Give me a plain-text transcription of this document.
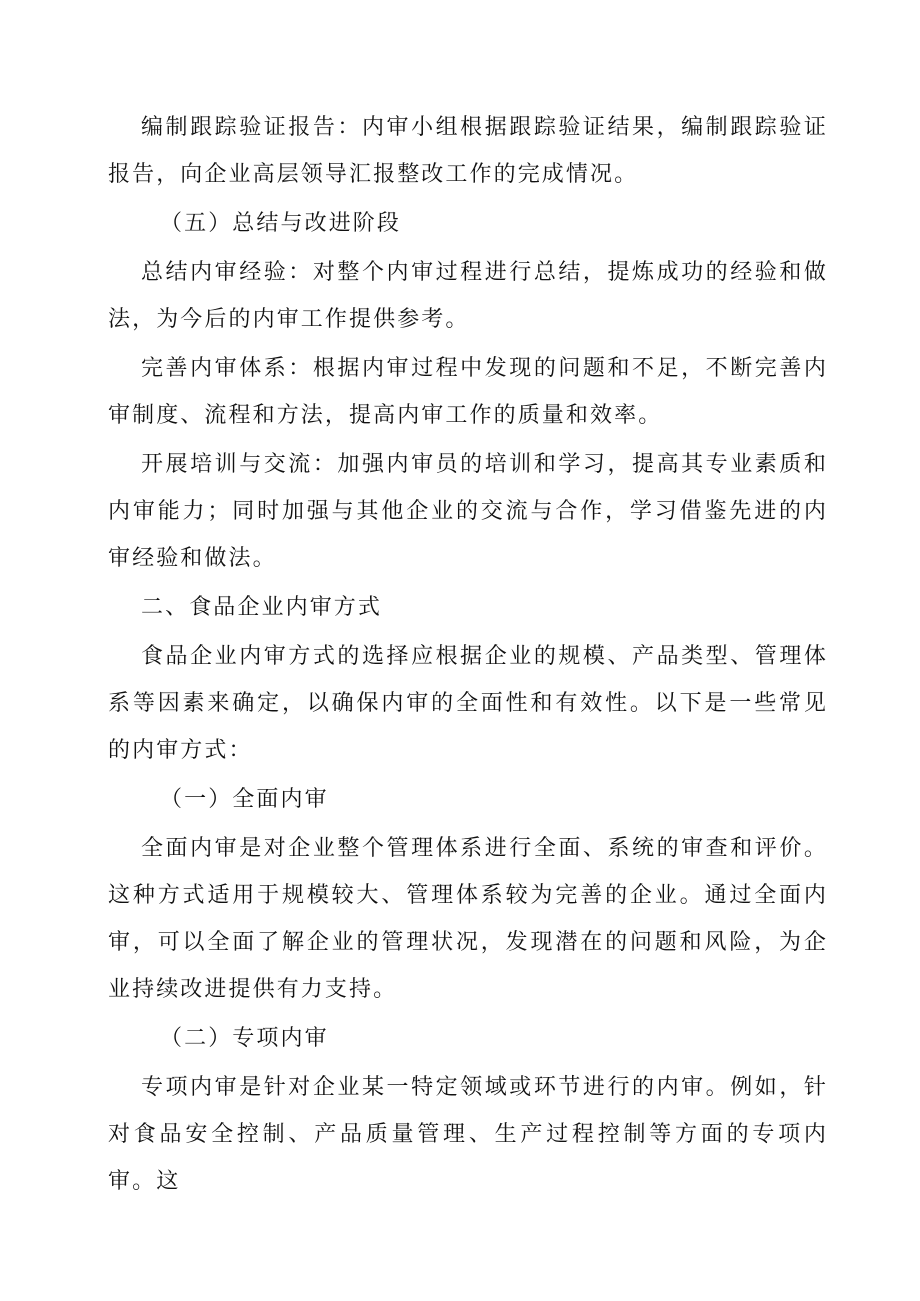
编制跟踪验证报告：内审小组根据跟踪验证结果，编制跟踪验证报告，向企业高层领导汇报整改工作的完成情况。

（五）总结与改进阶段

总结内审经验：对整个内审过程进行总结，提炼成功的经验和做法，为今后的内审工作提供参考。

完善内审体系：根据内审过程中发现的问题和不足，不断完善内审制度、流程和方法，提高内审工作的质量和效率。

开展培训与交流：加强内审员的培训和学习，提高其专业素质和内审能力；同时加强与其他企业的交流与合作，学习借鉴先进的内审经验和做法。

二、食品企业内审方式

食品企业内审方式的选择应根据企业的规模、产品类型、管理体系等因素来确定，以确保内审的全面性和有效性。以下是一些常见的内审方式：

（一）全面内审

全面内审是对企业整个管理体系进行全面、系统的审查和评价。这种方式适用于规模较大、管理体系较为完善的企业。通过全面内审，可以全面了解企业的管理状况，发现潜在的问题和风险，为企业持续改进提供有力支持。

（二）专项内审

专项内审是针对企业某一特定领域或环节进行的内审。例如，针对食品安全控制、产品质量管理、生产过程控制等方面的专项内审。这
